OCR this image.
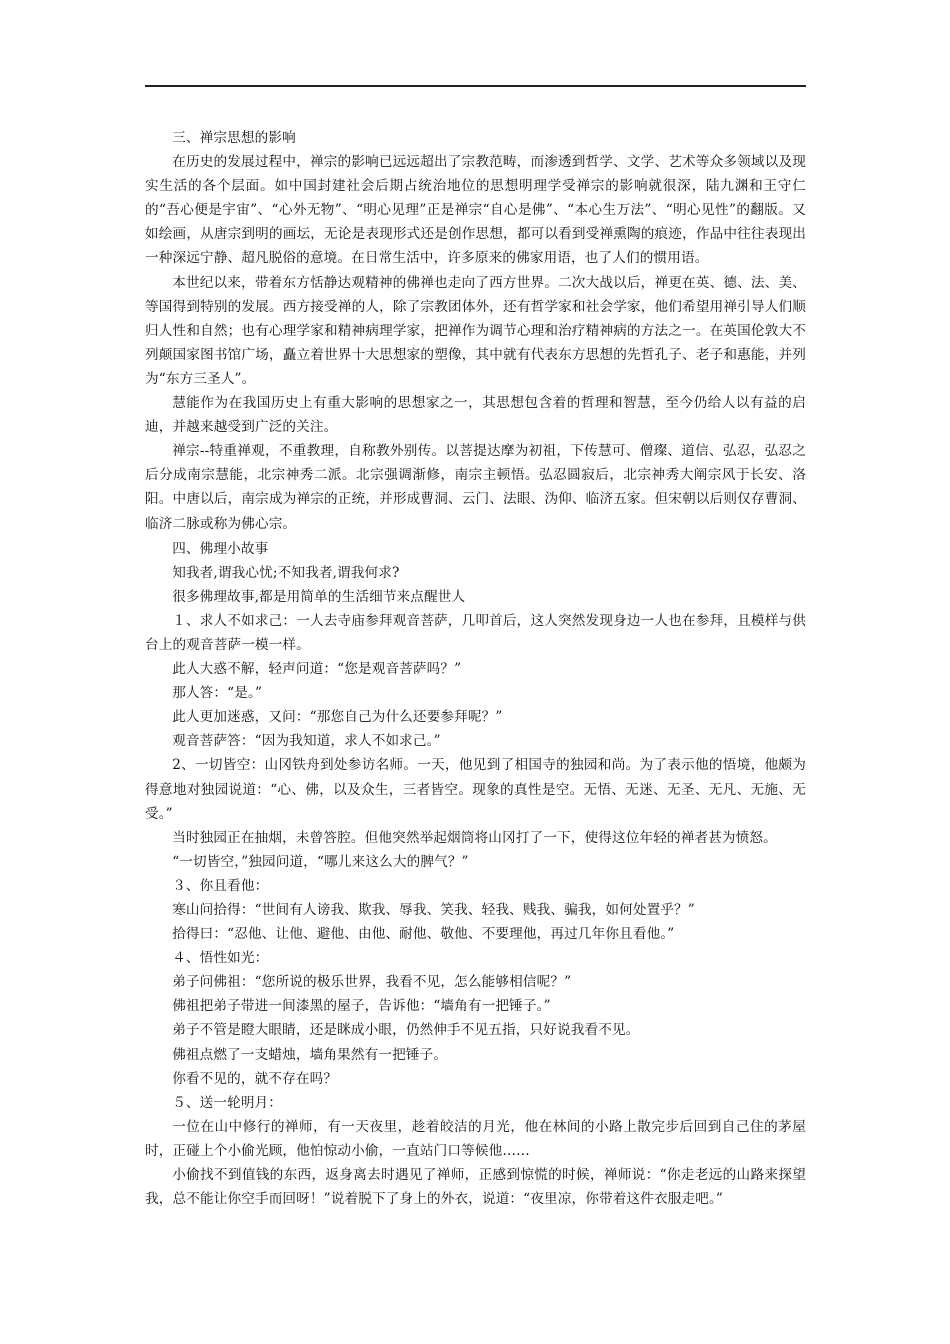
三、禅宗思想的影响

在历史的发展过程中，禅宗的影响已远远超出了宗教范畴，而渗透到哲学、文学、艺术等众多领域以及现实生活的各个层面。如中国封建社会后期占统治地位的思想明理学受禅宗的影响就很深，陆九渊和王守仁的“吾心便是宇宙”、“心外无物”、“明心见理”正是禅宗“自心是佛”、“本心生万法”、“明心见性”的翻版。又如绘画，从唐宗到明的画坛，无论是表现形式还是创作思想，都可以看到受禅熏陶的痕迹，作品中往往表现出一种深远宁静、超凡脱俗的意境。在日常生活中，许多原来的佛家用语，也了人们的惯用语。

本世纪以来，带着东方恬静达观精神的佛禅也走向了西方世界。二次大战以后，禅更在英、德、法、美、等国得到特别的发展。西方接受禅的人，除了宗教团体外，还有哲学家和社会学家，他们希望用禅引导人们顺归人性和自然；也有心理学家和精神病理学家，把禅作为调节心理和治疗精神病的方法之一。在英国伦敦大不列颠国家图书馆广场，矗立着世界十大思想家的塑像，其中就有代表东方思想的先哲孔子、老子和惠能，并列为“东方三圣人”。

慧能作为在我国历史上有重大影响的思想家之一，其思想包含着的哲理和智慧，至今仍给人以有益的启迪，并越来越受到广泛的关注。

禅宗--特重禅观，不重教理，自称教外别传。以菩提达摩为初祖，下传慧可、僧璨、道信、弘忍，弘忍之后分成南宗慧能，北宗神秀二派。北宗强调渐修，南宗主顿悟。弘忍圆寂后，北宗神秀大阐宗风于长安、洛阳。中唐以后，南宗成为禅宗的正统，并形成曹洞、云门、法眼、沩仰、临济五家。但宋朝以后则仅存曹洞、临济二脉或称为佛心宗。

四、佛理小故事

知我者,谓我心忧;不知我者,谓我何求?

很多佛理故事,都是用简单的生活细节来点醒世人

１、求人不如求己：一人去寺庙参拜观音菩萨，几叩首后，这人突然发现身边一人也在参拜，且模样与供台上的观音菩萨一模一样。

此人大惑不解，轻声问道：“您是观音菩萨吗？”

那人答：“是。”

此人更加迷惑，又问：“那您自己为什么还要参拜呢？”

观音菩萨答：“因为我知道，求人不如求己。”

2、一切皆空：山冈铁舟到处参访名师。一天，他见到了相国寺的独园和尚。为了表示他的悟境，他颇为得意地对独园说道：“心、佛，以及众生，三者皆空。现象的真性是空。无悟、无迷、无圣、无凡、无施、无受。”

当时独园正在抽烟，未曾答腔。但他突然举起烟筒将山冈打了一下，使得这位年轻的禅者甚为愤怒。

“一切皆空，”独园问道，“哪儿来这么大的脾气？”

３、你且看他：

寒山问拾得：“世间有人谤我、欺我、辱我、笑我、轻我、贱我、骗我，如何处置乎？”

拾得曰：“忍他、让他、避他、由他、耐他、敬他、不要理他，再过几年你且看他。”

４、悟性如光：

弟子问佛祖：“您所说的极乐世界，我看不见，怎么能够相信呢？”

佛祖把弟子带进一间漆黑的屋子，告诉他：“墙角有一把锤子。”

弟子不管是瞪大眼睛，还是眯成小眼，仍然伸手不见五指，只好说我看不见。

佛祖点燃了一支蜡烛，墙角果然有一把锤子。

你看不见的，就不存在吗？

５、送一轮明月：

一位在山中修行的禅师，有一天夜里，趁着皎洁的月光，他在林间的小路上散完步后回到自己住的茅屋时，正碰上个小偷光顾，他怕惊动小偷，一直站门口等候他……

小偷找不到值钱的东西，返身离去时遇见了禅师，正感到惊慌的时候，禅师说：“你走老远的山路来探望我，总不能让你空手而回呀！”说着脱下了身上的外衣，说道：“夜里凉，你带着这件衣服走吧。”
